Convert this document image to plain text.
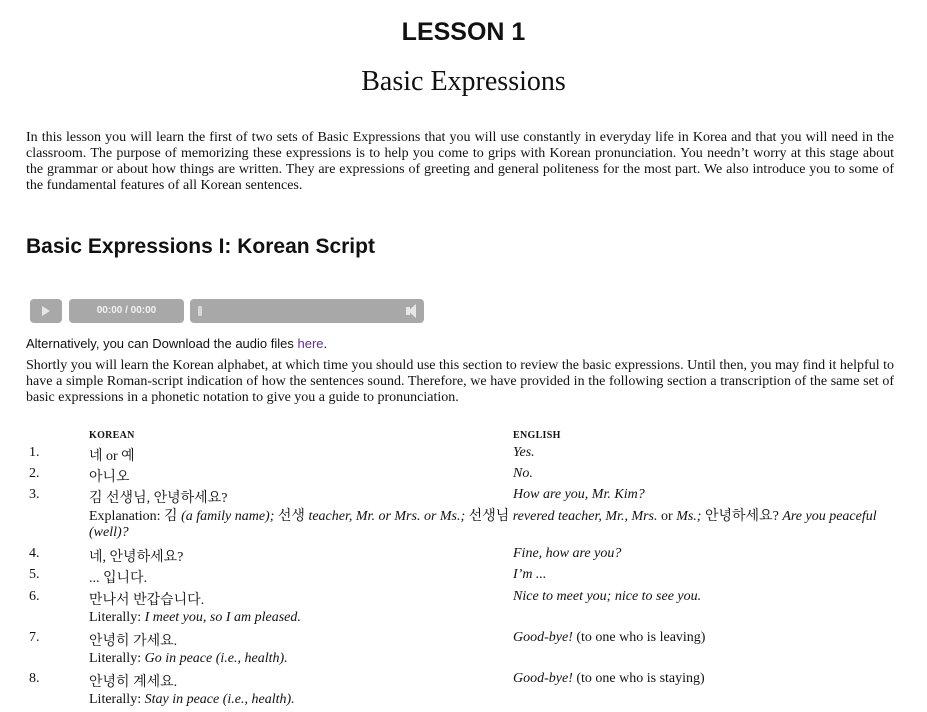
LESSON 1
Basic Expressions

In this lesson you will learn the first of two sets of Basic Expressions that you will use constantly in everyday life in Korea and that you will need in the classroom. The purpose of memorizing these expressions is to help you come to grips with Korean pronunciation. You needn’t worry at this stage about the grammar or about how things are written. They are expressions of greeting and general politeness for the most part. We also introduce you to some of the fundamental features of all Korean sentences.

Basic Expressions I: Korean Script
00:00 / 00:00

Alternatively, you can Download the audio files here.

Shortly you will learn the Korean alphabet, at which time you should use this section to review the basic expressions. Until then, you may find it helpful to have a simple Roman-script indication of how the sentences sound. Therefore, we have provided in the following section a transcription of the same set of basic expressions in a phonetic notation to give you a guide to pronunciation.

KOREAN	ENGLISH
1.	네 or 예	Yes.
2.	아니오	No.
3.	김 선생님, 안녕하세요?	How are you, Mr. Kim?
Explanation: 김 (a family name); 선생 teacher, Mr. or Mrs. or Ms.; 선생님 revered teacher, Mr., Mrs. or Ms.; 안녕하세요? Are you peaceful (well)?
4.	네, 안녕하세요?	Fine, how are you?
5.	... 입니다.	I’m ...
6.	만나서 반갑습니다.	Nice to meet you; nice to see you.
Literally: I meet you, so I am pleased.
7.	안녕히 가세요.	Good-bye! (to one who is leaving)
Literally: Go in peace (i.e., health).
8.	안녕히 계세요.	Good-bye! (to one who is staying)
Literally: Stay in peace (i.e., health).
